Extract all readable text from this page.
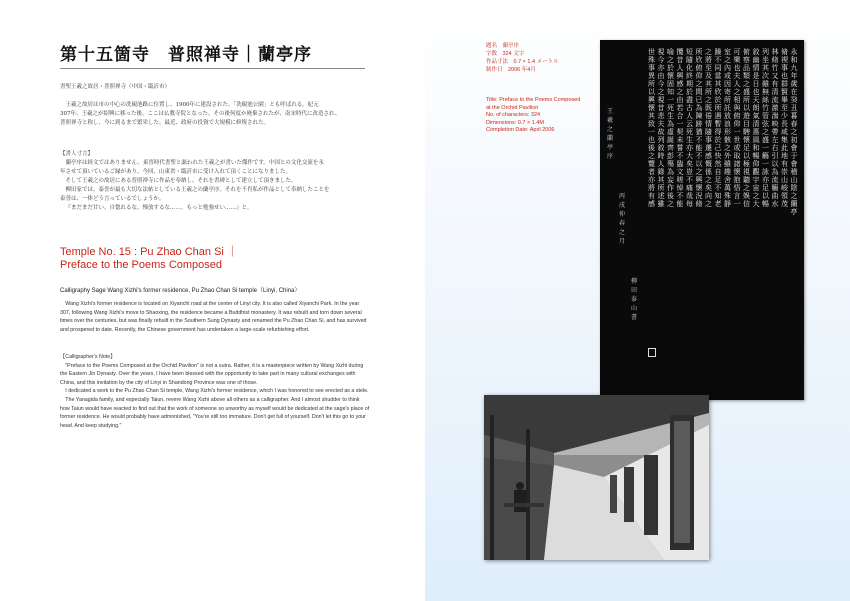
第十五箇寺　普照禅寺｜蘭亭序
書聖王羲之故居・普照禅寺（中国・臨沂市）

王羲之故居は市の中心の洗硯池路に位置し、1900年に建設された。「洗硯池公園」とも呼ばれる。紀元

307年、王羲之が紹興に移った後、ここは仏教寺院となった。その後何度か廃棄されたが、南宋時代に改造され、

普照禅寺と称し、今に到るまで繁栄した。最近、政府の投資で大規模に修復された。

【書人寸言】

蘭亭序は経文ではありません。東晋時代書聖と謳われた王羲之が書いた傑作です。中国との文化交流を永

年させて頂いているご縁があり、今回、山東省・臨沂市に受け入れて頂くことになりました。

そして王羲之の故居にある普照禅寺に作品を奉納し、それを書碑として建立して頂きました。

柳田家では、泰誉が最も大切な法帖としている王羲之の蘭亭序。それを不肖私が作品として奉納したことを

泰誉は、一体どう言っているでしょうか。

『まだまだ甘い。自惚れるな。慢放するな……。もっと勉強せい……』と。

Temple No. 15 : Pu Zhao Chan Si ｜
Preface to the Poems Composed
Calligraphy Sage Wang Xizhi's former residence, Pu Zhao Chan Si temple（Linyi, China）

Wang Xizhi's former residence is located on Xiyanchi road at the center of Linyi city. It is also called Xiyanchi Park. In the year 307, following Wang Xizhi's move to Shaoxing, the residence became a Buddhist monastery. It was rebuilt and torn down several times over the centuries, but was finally rebuilt in the Southern Sung Dynasty and renamed the Pu Zhao Chan Si, and has survived and prospered to date. Recently, the Chinese government has undertaken a large-scale refurbishing effort.

【Calligrapher's Note】

"Preface to the Poems Composed at the Orchid Pavilion" is not a sutra. Rather, it is a masterpiece written by Wang Xizhi during the Eastern Jin Dynasty. Over the years, I have been blessed with the opportunity to take part in many cultural exchanges with China, and this invitation by the city of Linyi in Shandong Province was one of those.

I dedicated a work to the Pu Zhao Chan Si temple, Wang Xizhi's former residence, which I was honored to see erected as a stele.

The Yanagida family, and especially Taiun, revere Wang Xizhi above all others as a calligrapher. And I almost shudder to think how Taiun would have reacted to find out that the work of someone so unworthy as myself would be dedicated at the sage's place of former residence. He would probably have admonished, "You're still too immature. Don't get full of yourself. Don't let this go to your head. And keep studying."

題名　蘭亭序
字数　324 文字
作品寸法　0.7 × 1.4 メートル
制作日　2006 年4月
Title: Preface to the Poems Composed
at the Orchid Pavilion
No. of characters: 324
Dimensions: 0.7 × 1.4M
Completion Date: April 2006
王
羲
之
蘭
亭
序
丙
戌
仲
春
之
月
柳
田
泰
山
書
永
和
九
年
歲
在
癸
丑
暮
春
之
初
會
于
會
稽
山
陰
之
蘭
亭
脩
禊
事
也
群
賢
畢
至
少
長
咸
集
此
地
有
崇
山
峻
領
茂
林
脩
竹
又
有
清
流
激
湍
映
帶
左
右
引
以
為
流
觴
曲
水
列
坐
其
次
雖
無
絲
竹
管
弦
之
盛
一
觴
一
詠
亦
足
以
暢
敘
幽
情
是
日
也
天
朗
氣
清
惠
風
和
暢
仰
觀
宇
宙
之
大
俯
察
品
類
之
盛
所
以
遊
目
騁
懷
足
以
極
視
聽
之
娛
信
可
樂
也
夫
人
之
相
與
俯
仰
一
世
或
取
諸
懷
抱
悟
言
一
室
之
內
或
因
寄
所
託
放
浪
形
骸
之
外
雖
趣
舍
萬
殊
靜
躁
不
同
當
其
欣
於
所
遇
暫
得
於
己
快
然
自
足
不
知
老
之
將
至
及
其
所
之
既
倦
情
隨
事
遷
感
慨
係
之
矣
向
之
所
欣
俯
仰
之
間
已
為
陳
跡
猶
不
能
不
以
之
興
懷
況
脩
短
隨
化
終
期
於
盡
古
人
云
死
生
亦
大
矣
豈
不
痛
哉
每
攬
昔
人
興
感
之
由
若
合
一
契
未
嘗
不
臨
文
嗟
悼
不
能
喻
之
於
懷
固
知
一
死
生
為
虛
誕
齊
彭
殤
為
妄
作
後
之
視
今
亦
由
今
之
視
昔
悲
夫
故
列
敘
時
人
錄
其
所
述
雖
世
殊
事
異
所
以
興
懷
其
致
一
也
後
之
覽
者
亦
將
有
感
